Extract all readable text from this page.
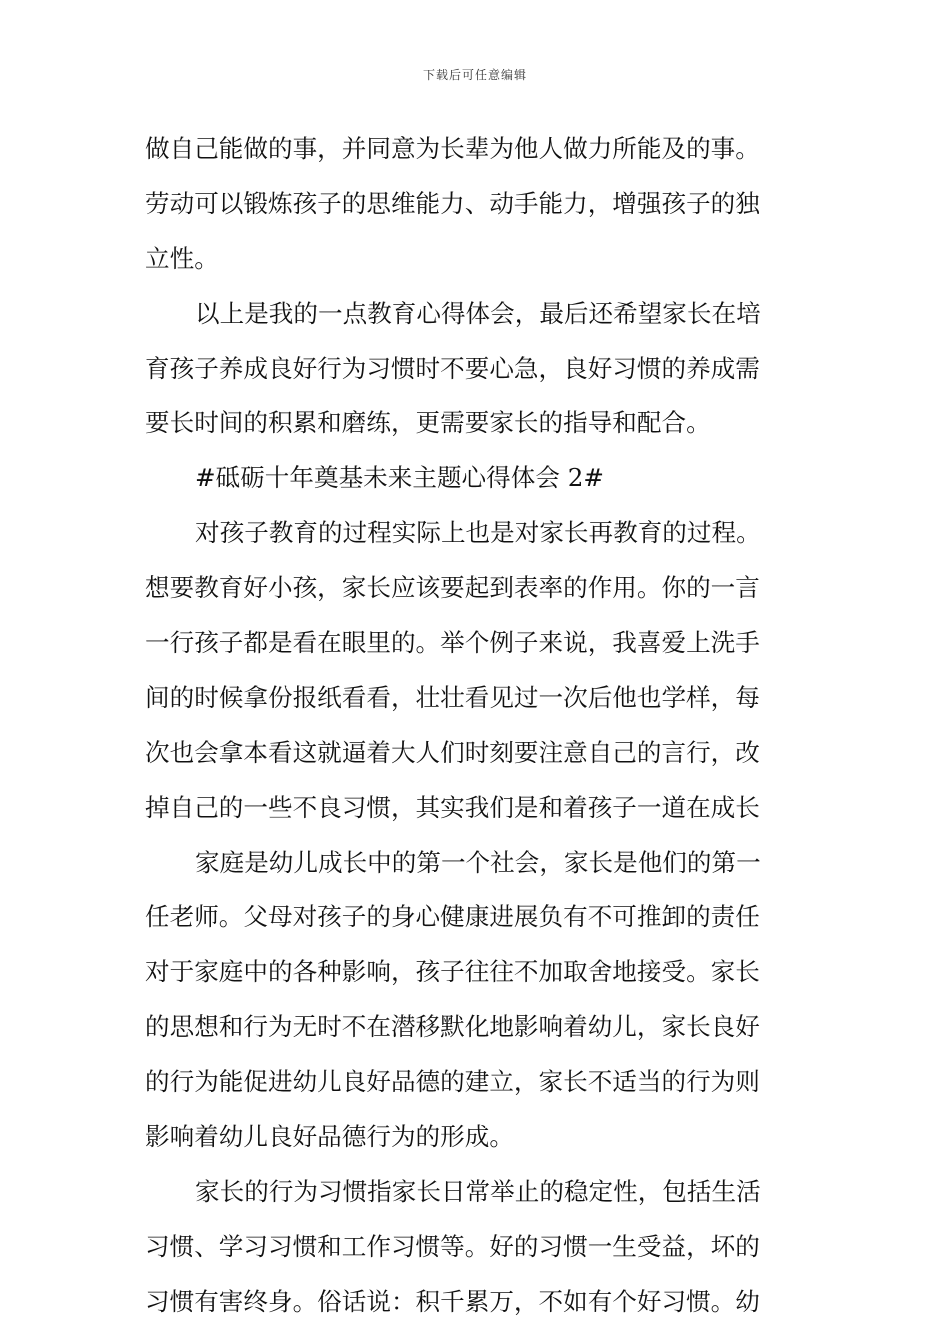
下载后可任意编辑
做自己能做的事，并同意为长辈为他人做力所能及的事。
劳动可以锻炼孩子的思维能力、动手能力，增强孩子的独
立性。
以上是我的一点教育心得体会，最后还希望家长在培
育孩子养成良好行为习惯时不要心急，良好习惯的养成需
要长时间的积累和磨练，更需要家长的指导和配合。
#砥砺十年奠基未来主题心得体会 2#
对孩子教育的过程实际上也是对家长再教育的过程。
想要教育好小孩，家长应该要起到表率的作用。你的一言
一行孩子都是看在眼里的。举个例子来说，我喜爱上洗手
间的时候拿份报纸看看，壮壮看见过一次后他也学样，每
次也会拿本看这就逼着大人们时刻要注意自己的言行，改
掉自己的一些不良习惯，其实我们是和着孩子一道在成长
家庭是幼儿成长中的第一个社会，家长是他们的第一
任老师。父母对孩子的身心健康进展负有不可推卸的责任
对于家庭中的各种影响，孩子往往不加取舍地接受。家长
的思想和行为无时不在潜移默化地影响着幼儿，家长良好
的行为能促进幼儿良好品德的建立，家长不适当的行为则
影响着幼儿良好品德行为的形成。
家长的行为习惯指家长日常举止的稳定性，包括生活
习惯、学习习惯和工作习惯等。好的习惯一生受益，坏的
习惯有害终身。俗话说：积千累万，不如有个好习惯。幼
